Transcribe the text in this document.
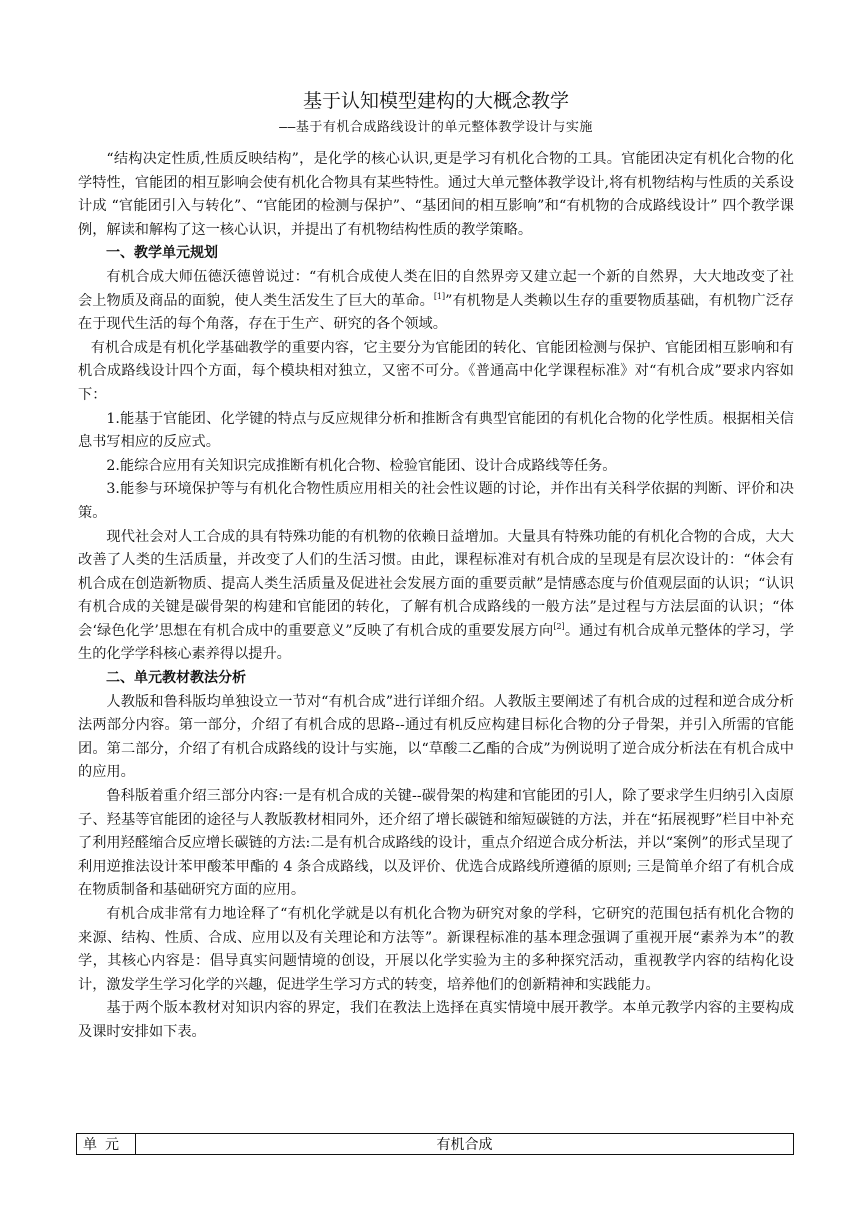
基于认知模型建构的大概念教学
——基于有机合成路线设计的单元整体教学设计与实施

“结构决定性质,性质反映结构”，是化学的核心认识,更是学习有机化合物的工具。官能团决定有机化合物的化学特性，官能团的相互影响会使有机化合物具有某些特性。通过大单元整体教学设计,将有机物结构与性质的关系设计成 “官能团引入与转化”、“官能团的检测与保护”、“基团间的相互影响”和“有机物的合成路线设计” 四个教学课例，解读和解构了这一核心认识，并提出了有机物结构性质的教学策略。

一、教学单元规划

有机合成大师伍德沃德曾说过：“有机合成使人类在旧的自然界旁又建立起一个新的自然界，大大地改变了社会上物质及商品的面貌，使人类生活发生了巨大的革命。[1]”有机物是人类赖以生存的重要物质基础，有机物广泛存在于现代生活的每个角落，存在于生产、研究的各个领域。

有机合成是有机化学基础教学的重要内容，它主要分为官能团的转化、官能团检测与保护、官能团相互影响和有机合成路线设计四个方面，每个模块相对独立，又密不可分。《普通高中化学课程标准》对“有机合成”要求内容如下：

1.能基于官能团、化学键的特点与反应规律分析和推断含有典型官能团的有机化合物的化学性质。根据相关信息书写相应的反应式。

2.能综合应用有关知识完成推断有机化合物、检验官能团、设计合成路线等任务。

3.能参与环境保护等与有机化合物性质应用相关的社会性议题的讨论，并作出有关科学依据的判断、评价和决策。

现代社会对人工合成的具有特殊功能的有机物的依赖日益增加。大量具有特殊功能的有机化合物的合成，大大改善了人类的生活质量，并改变了人们的生活习惯。由此，课程标准对有机合成的呈现是有层次设计的：“体会有机合成在创造新物质、提高人类生活质量及促进社会发展方面的重要贡献”是情感态度与价值观层面的认识；“认识有机合成的关键是碳骨架的构建和官能团的转化，了解有机合成路线的一般方法”是过程与方法层面的认识；“体会‘绿色化学’思想在有机合成中的重要意义”反映了有机合成的重要发展方向[2]。通过有机合成单元整体的学习，学生的化学学科核心素养得以提升。

二、单元教材教法分析

人教版和鲁科版均单独设立一节对“有机合成”进行详细介绍。人教版主要阐述了有机合成的过程和逆合成分析法两部分内容。第一部分，介绍了有机合成的思路--通过有机反应构建目标化合物的分子骨架，并引入所需的官能团。第二部分，介绍了有机合成路线的设计与实施，以“草酸二乙酯的合成”为例说明了逆合成分析法在有机合成中的应用。

鲁科版着重介绍三部分内容:一是有机合成的关键--碳骨架的构建和官能团的引人，除了要求学生归纳引入卤原子、羟基等官能团的途径与人教版教材相同外，还介绍了增长碳链和缩短碳链的方法，并在“拓展视野”栏目中补充了利用羟醛缩合反应增长碳链的方法:二是有机合成路线的设计，重点介绍逆合成分析法，并以“案例”的形式呈现了利用逆推法设计苯甲酸苯甲酯的 4 条合成路线，以及评价、优选合成路线所遵循的原则; 三是简单介绍了有机合成在物质制备和基础研究方面的应用。

有机合成非常有力地诠释了“有机化学就是以有机化合物为研究对象的学科，它研究的范围包括有机化合物的来源、结构、性质、合成、应用以及有关理论和方法等”。新课程标准的基本理念强调了重视开展“素养为本”的教学，其核心内容是：倡导真实问题情境的创设，开展以化学实验为主的多种探究活动，重视教学内容的结构化设计，激发学生学习化学的兴趣，促进学生学习方式的转变，培养他们的创新精神和实践能力。

基于两个版本教材对知识内容的界定，我们在教法上选择在真实情境中展开教学。本单元教学内容的主要构成及课时安排如下表。

单元	有机合成
